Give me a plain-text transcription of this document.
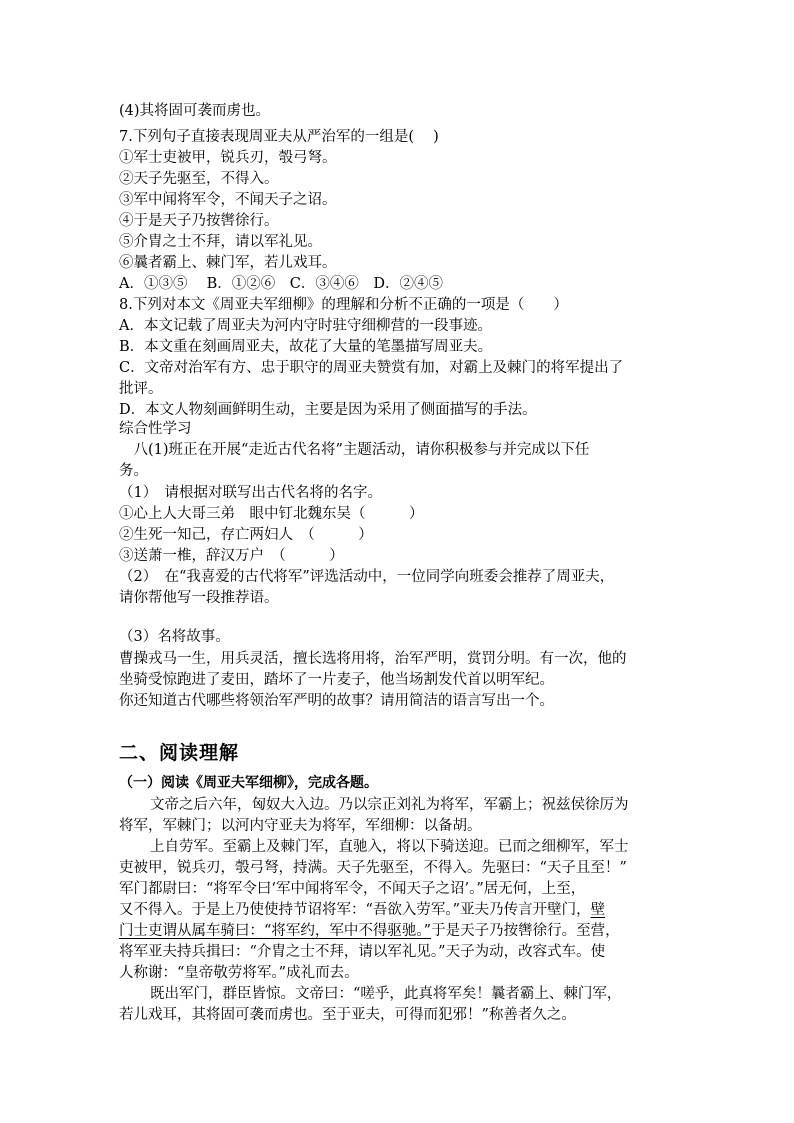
(4)其将固可袭而虏也。
7.下列句子直接表现周亚夫从严治军的一组是(　 )
①军士吏被甲，锐兵刃，彀弓弩。
②天子先驱至，不得入。
③军中闻将军令，不闻天子之诏。
④于是天子乃按辔徐行。
⑤介胄之士不拜，请以军礼见。
⑥曩者霸上、棘门军，若儿戏耳。
A．①③⑤　 B．①②⑥　C．③④⑥　D．②④⑤
8.下列对本文《周亚夫军细柳》的理解和分析不正确的一项是（　　）
A．本文记载了周亚夫为河内守时驻守细柳营的一段事迹。
B．本文重在刻画周亚夫，故花了大量的笔墨描写周亚夫。
C．文帝对治军有方、忠于职守的周亚夫赞赏有加，对霸上及棘门的将军提出了
批评。
D．本文人物刻画鲜明生动，主要是因为采用了侧面描写的手法。
综合性学习
　八(1)班正在开展“走近古代名将”主题活动，请你积极参与并完成以下任
务。
（1）　请根据对联写出古代名将的名字。
①心上人大哥三弟　眼中钉北魏东吴（　　　）
②生死一知己，存亡两妇人　（　　　）
③送萧一椎，辞汉万户　（　　　）
（2）　在“我喜爱的古代将军”评选活动中，一位同学向班委会推荐了周亚夫，
请你帮他写一段推荐语。
（3）名将故事。
曹操戎马一生，用兵灵活，擅长选将用将，治军严明，赏罚分明。有一次，他的
坐骑受惊跑进了麦田，踏坏了一片麦子，他当场割发代首以明军纪。
你还知道古代哪些将领治军严明的故事？请用简洁的语言写出一个。
二、阅读理解
（一）阅读《周亚夫军细柳》，完成各题。
文帝之后六年，匈奴大入边。乃以宗正刘礼为将军，军霸上；祝兹侯徐厉为
将军，军棘门；以河内守亚夫为将军，军细柳：以备胡。
上自劳军。至霸上及棘门军，直驰入，将以下骑送迎。已而之细柳军，军士
吏被甲，锐兵刃，彀弓弩，持满。天子先驱至，不得入。先驱曰：“天子且至！”
军门都尉曰：“将军令曰‘军中闻将军令，不闻天子之诏’。”居无何，上至，
又不得入。于是上乃使使持节诏将军：“吾欲入劳军。”亚夫乃传言开壁门，壁
门士吏谓从属车骑曰：“将军约，军中不得驱驰。”于是天子乃按辔徐行。至营，
将军亚夫持兵揖曰：“介胄之士不拜，请以军礼见。”天子为动，改容式车。使
人称谢：“皇帝敬劳将军。”成礼而去。
既出军门，群臣皆惊。文帝曰：“嗟乎，此真将军矣！曩者霸上、棘门军，
若儿戏耳，其将固可袭而虏也。至于亚夫，可得而犯邪！”称善者久之。
